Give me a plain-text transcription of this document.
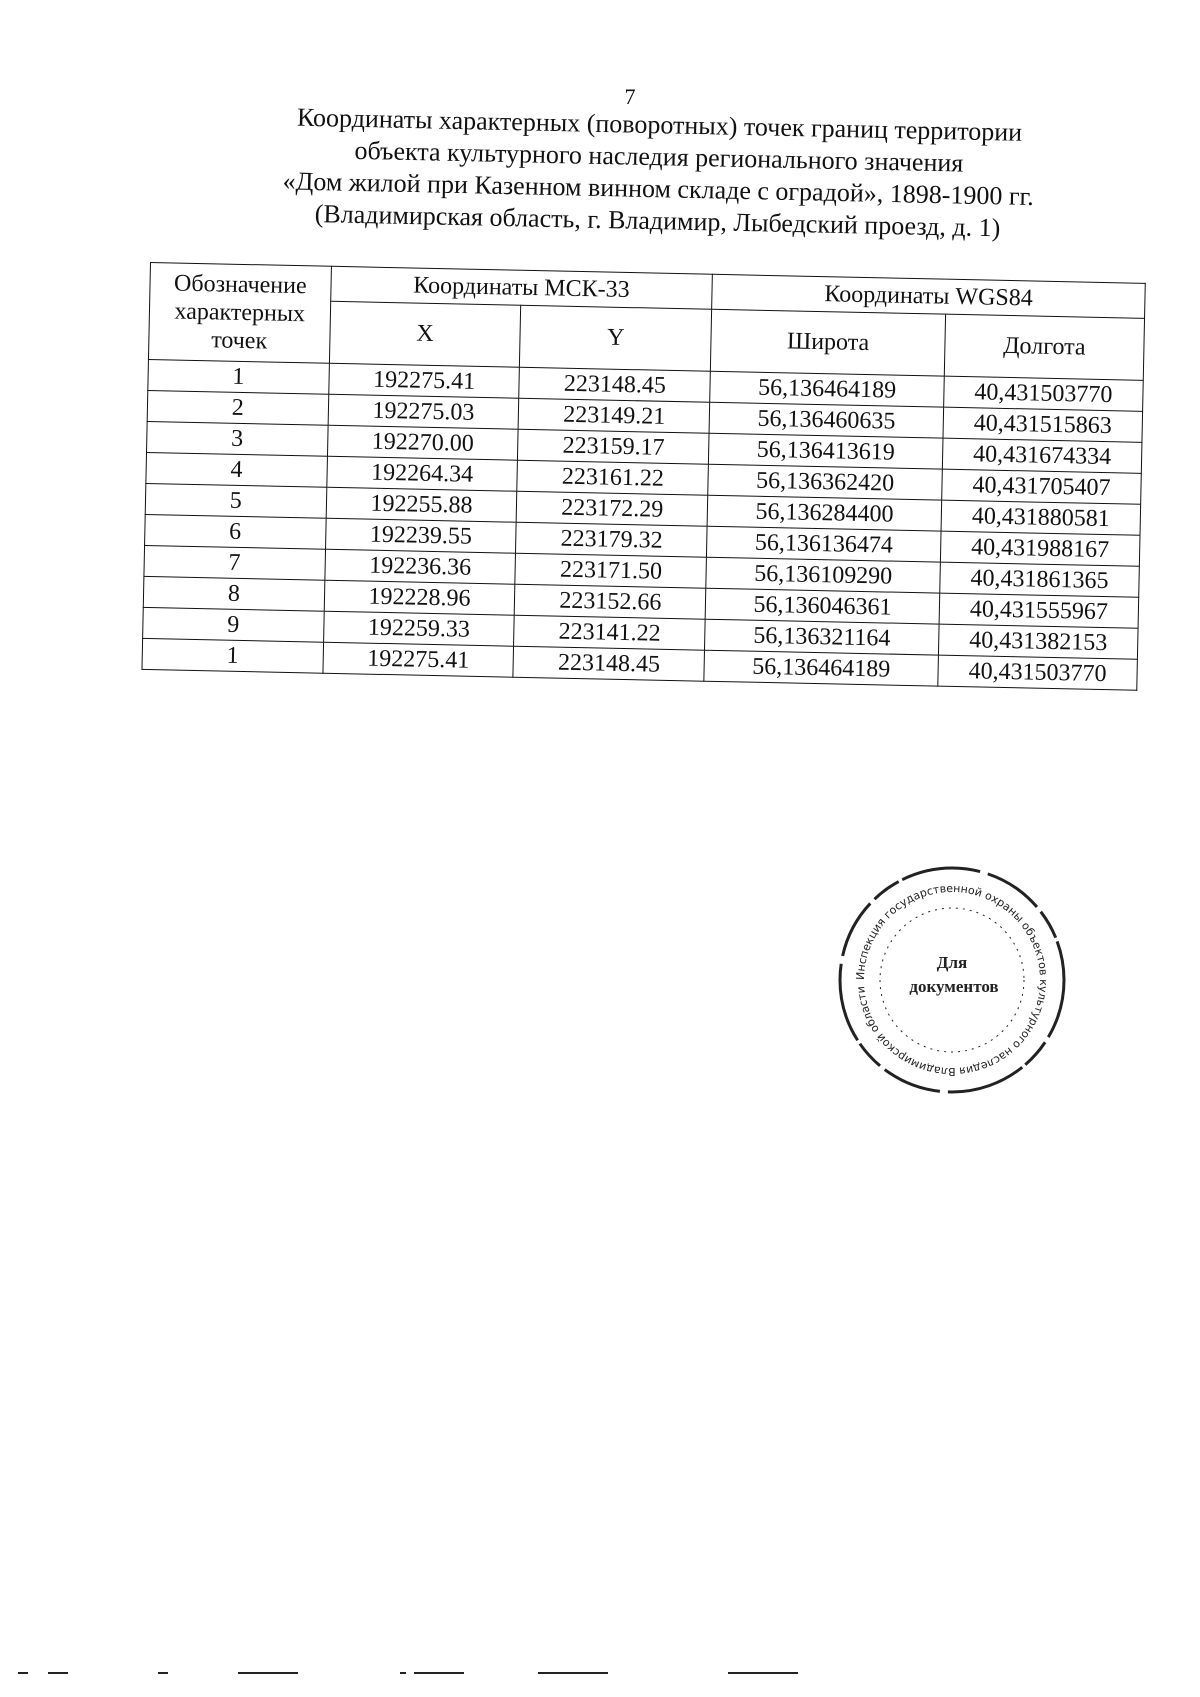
7
Координаты характерных (поворотных) точек границ территории
объекта культурного наследия регионального значения
«Дом жилой при Казенном винном складе с оградой», 1898-1900 гг.
(Владимирская область, г. Владимир, Лыбедский проезд, д. 1)
Обозначение характерных точек	Координаты МСК-33		Координаты WGS84	
	X	Y	Широта	Долгота
1	192275.41	223148.45	56,136464189	40,431503770
2	192275.03	223149.21	56,136460635	40,431515863
3	192270.00	223159.17	56,136413619	40,431674334
4	192264.34	223161.22	56,136362420	40,431705407
5	192255.88	223172.29	56,136284400	40,431880581
6	192239.55	223179.32	56,136136474	40,431988167
7	192236.36	223171.50	56,136109290	40,431861365
8	192228.96	223152.66	56,136046361	40,431555967
9	192259.33	223141.22	56,136321164	40,431382153
1	192275.41	223148.45	56,136464189	40,431503770
Инспекция государственной охраны объектов культурного наследия Владимирской области
Для
документов
